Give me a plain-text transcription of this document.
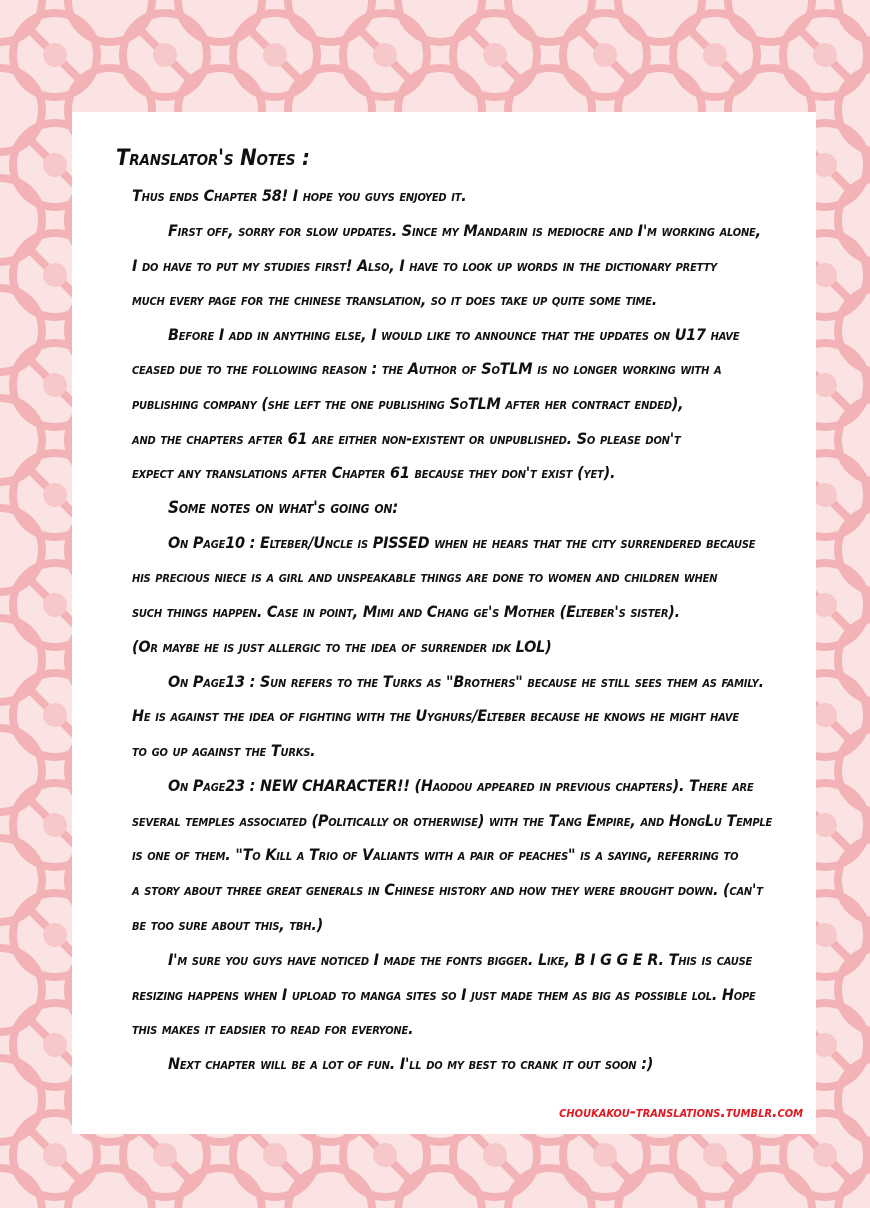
Translator's Notes :
Thus ends Chapter 58! I hope you guys enjoyed it.
First off, sorry for slow updates. Since my Mandarin is mediocre and I'm working alone,
I do have to put my studies first! Also, I have to look up words in the dictionary pretty
much every page for the chinese translation, so it does take up quite some time.
Before I add in anything else, I would like to announce that the updates on U17 have
ceased due to the following reason : the Author of SoTLM is no longer working with a
publishing company (she left the one publishing SoTLM after her contract ended),
and the chapters after 61 are either non-existent or unpublished. So please don't
expect any translations after Chapter 61 because they don't exist (yet).
Some notes on what's going on:
On Page10 : Elteber/Uncle is PISSED when he hears that the city surrendered because
his precious niece is a girl and unspeakable things are done to women and children when
such things happen. Case in point, Mimi and Chang ge's Mother (Elteber's sister).
(Or maybe he is just allergic to the idea of surrender idk LOL)
On Page13 : Sun refers to the Turks as "Brothers" because he still sees them as family.
He is against the idea of fighting with the Uyghurs/Elteber because he knows he might have
to go up against the Turks.
On Page23 : NEW CHARACTER!! (Haodou appeared in previous chapters). There are
several temples associated (Politically or otherwise) with the Tang Empire, and HongLu Temple
is one of them. "To Kill a Trio of Valiants with a pair of peaches" is a saying, referring to
a story about three great generals in Chinese history and how they were brought down. (can't
be too sure about this, tbh.)
I'm sure you guys have noticed I made the fonts bigger. Like, B I G G E R. This is cause
resizing happens when I upload to manga sites so I just made them as big as possible lol. Hope
this makes it eadsier to read for everyone.
Next chapter will be a lot of fun. I'll do my best to crank it out soon :)
choukakou-translations.tumblr.com
